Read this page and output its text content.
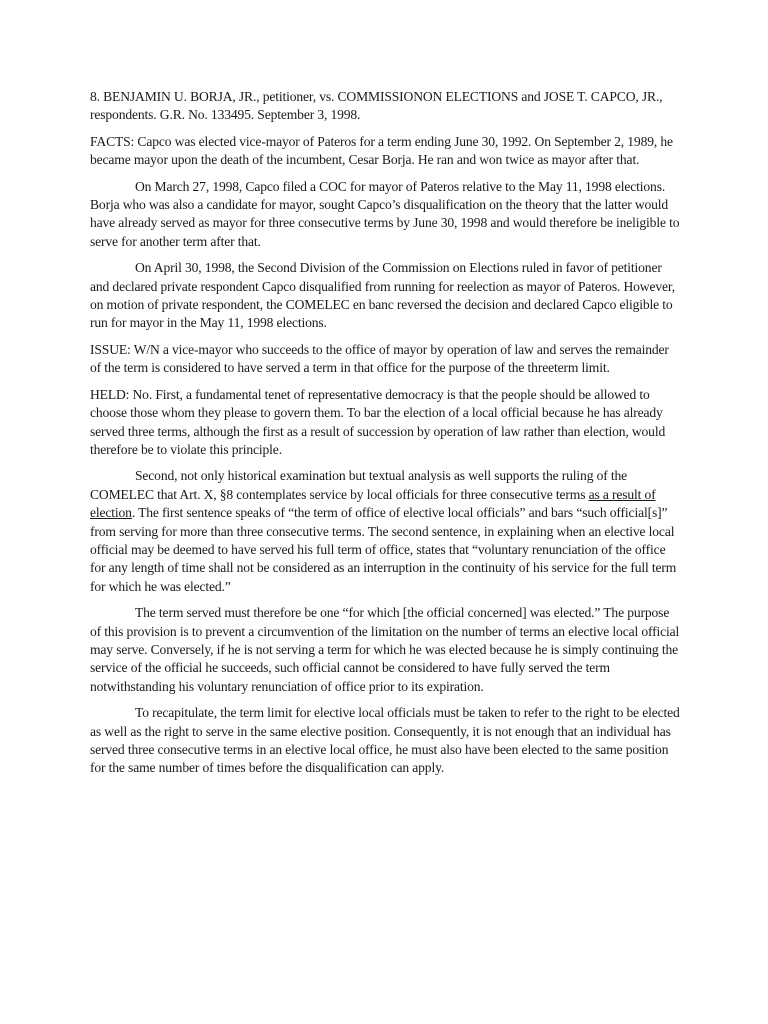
8. BENJAMIN U. BORJA, JR., petitioner, vs. COMMISSIONON ELECTIONS and JOSE T. CAPCO, JR., respondents. G.R. No. 133495. September 3, 1998.

FACTS: Capco was elected vice-mayor of Pateros for a term ending June 30, 1992. On September 2, 1989, he became mayor upon the death of the incumbent, Cesar Borja. He ran and won twice as mayor after that.

On March 27, 1998, Capco filed a COC for mayor of Pateros relative to the May 11, 1998 elections. Borja who was also a candidate for mayor, sought Capco’s disqualification on the theory that the latter would have already served as mayor for three consecutive terms by June 30, 1998 and would therefore be ineligible to serve for another term after that.

On April 30, 1998, the Second Division of the Commission on Elections ruled in favor of petitioner and declared private respondent Capco disqualified from running for reelection as mayor of Pateros. However, on motion of private respondent, the COMELEC en banc reversed the decision and declared Capco eligible to run for mayor in the May 11, 1998 elections.

ISSUE: W/N a vice-mayor who succeeds to the office of mayor by operation of law and serves the remainder of the term is considered to have served a term in that office for the purpose of the threeterm limit.

HELD: No. First, a fundamental tenet of representative democracy is that the people should be allowed to choose those whom they please to govern them. To bar the election of a local official because he has already served three terms, although the first as a result of succession by operation of law rather than election, would therefore be to violate this principle.

Second, not only historical examination but textual analysis as well supports the ruling of the COMELEC that Art. X, §8 contemplates service by local officials for three consecutive terms as a result of election. The first sentence speaks of “the term of office of elective local officials” and bars “such official[s]” from serving for more than three consecutive terms. The second sentence, in explaining when an elective local official may be deemed to have served his full term of office, states that “voluntary renunciation of the office for any length of time shall not be considered as an interruption in the continuity of his service for the full term for which he was elected.”

The term served must therefore be one “for which [the official concerned] was elected.” The purpose of this provision is to prevent a circumvention of the limitation on the number of terms an elective local official may serve. Conversely, if he is not serving a term for which he was elected because he is simply continuing the service of the official he succeeds, such official cannot be considered to have fully served the term notwithstanding his voluntary renunciation of office prior to its expiration.

To recapitulate, the term limit for elective local officials must be taken to refer to the right to be elected as well as the right to serve in the same elective position. Consequently, it is not enough that an individual has served three consecutive terms in an elective local office, he must also have been elected to the same position for the same number of times before the disqualification can apply.
